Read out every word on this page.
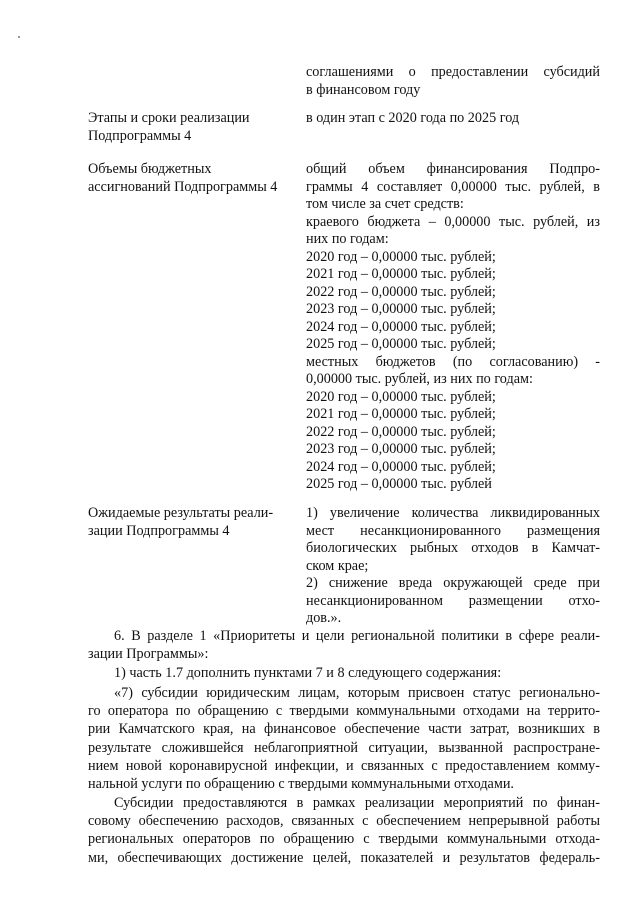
соглашениями о предоставлении субсидий
в финансовом году
Этапы и сроки реализации
Подпрограммы 4
в один этап с 2020 года по 2025 год
Объемы бюджетных
ассигнований Подпрограммы 4
общий объем финансирования Подпро-
граммы 4 составляет 0,00000 тыс. рублей, в
том числе за счет средств:
краевого бюджета – 0,00000 тыс. рублей, из
них по годам:
2020 год – 0,00000 тыс. рублей;
2021 год – 0,00000 тыс. рублей;
2022 год – 0,00000 тыс. рублей;
2023 год – 0,00000 тыс. рублей;
2024 год – 0,00000 тыс. рублей;
2025 год – 0,00000 тыс. рублей;
местных бюджетов (по согласованию) -
0,00000 тыс. рублей, из них по годам:
2020 год – 0,00000 тыс. рублей;
2021 год – 0,00000 тыс. рублей;
2022 год – 0,00000 тыс. рублей;
2023 год – 0,00000 тыс. рублей;
2024 год – 0,00000 тыс. рублей;
2025 год – 0,00000 тыс. рублей
Ожидаемые результаты реали-
зации Подпрограммы 4
1) увеличение количества ликвидированных
мест несанкционированного размещения
биологических рыбных отходов в Камчат-
ском крае;
2) снижение вреда окружающей среде при
несанкционированном размещении отхо-
дов.».
6. В разделе 1 «Приоритеты и цели региональной политики в сфере реали-
зации Программы»:
1) часть 1.7 дополнить пунктами 7 и 8 следующего содержания:
«7) субсидии юридическим лицам, которым присвоен статус регионально-
го оператора по обращению с твердыми коммунальными отходами на террито-
рии Камчатского края, на финансовое обеспечение части затрат, возникших в
результате сложившейся неблагоприятной ситуации, вызванной распростране-
нием новой коронавирусной инфекции, и связанных с предоставлением комму-
нальной услуги по обращению с твердыми коммунальными отходами.
Субсидии предоставляются в рамках реализации мероприятий по финан-
совому обеспечению расходов, связанных с обеспечением непрерывной работы
региональных операторов по обращению с твердыми коммунальными отхода-
ми, обеспечивающих достижение целей, показателей и результатов федераль-
